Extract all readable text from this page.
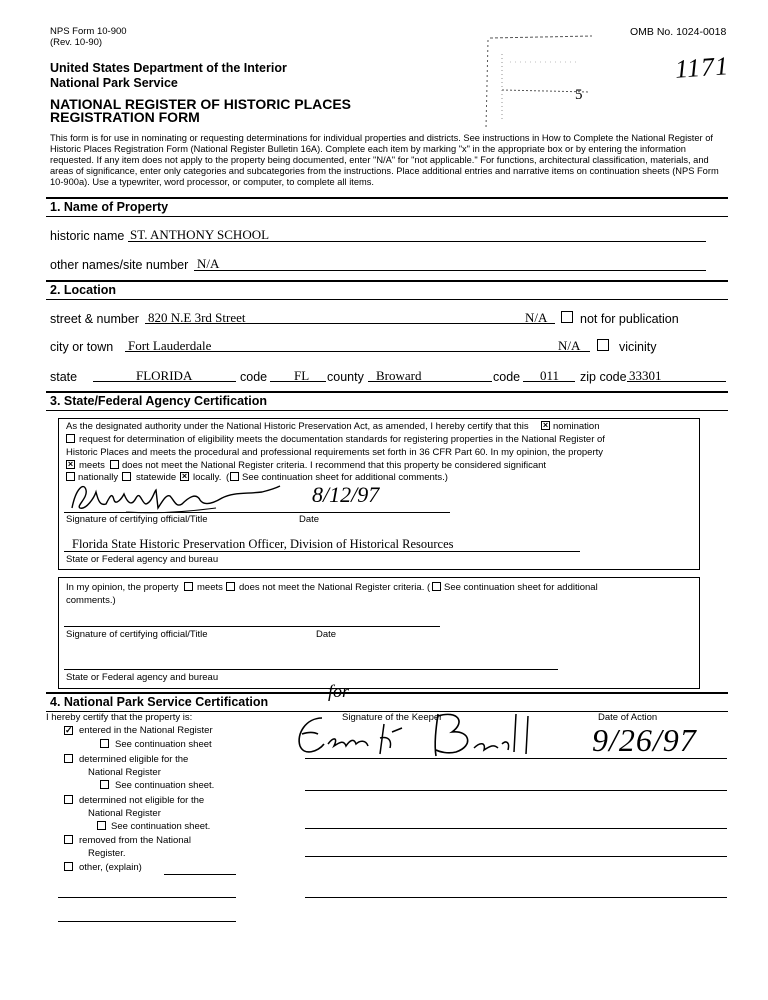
NPS Form 10-900
(Rev. 10-90)
OMB No. 1024-0018
United States Department of the Interior
National Park Service
NATIONAL REGISTER OF HISTORIC PLACES
REGISTRATION FORM
5
1171
This form is for use in nominating or requesting determinations for individual properties and districts. See instructions in How to Complete the National Register of Historic Places Registration Form (National Register Bulletin 16A). Complete each item by marking "x" in the appropriate box or by entering the information requested. If any item does not apply to the property being documented, enter "N/A" for "not applicable." For functions, architectural classification, materials, and areas of significance, enter only categories and subcategories from the instructions. Place additional entries and narrative items on continuation sheets (NPS Form 10-900a). Use a typewriter, word processor, or computer, to complete all items.
1. Name of Property
historic name ST. ANTHONY SCHOOL
other names/site number N/A
2. Location
street & number 820 N.E 3rd Street	N/A	not for publication
city or town Fort Lauderdale	N/A	vicinity
state	FLORIDA	code FL county Broward	code 011 zip code 33301
3. State/Federal Agency Certification
As the designated authority under the National Historic Preservation Act, as amended, I hereby certify that this × nomination
request for determination of eligibility meets the documentation standards for registering properties in the National Register of
Historic Places and meets the procedural and professional requirements set forth in 36 CFR Part 60. In my opinion, the property
× meets does not meet the National Register criteria. I recommend that this property be considered significant
nationally statewide × locally. ( See continuation sheet for additional comments.)
8/12/97
Signature of certifying official/Title	Date
Florida State Historic Preservation Officer, Division of Historical Resources
State or Federal agency and bureau
In my opinion, the property meets does not meet the National Register criteria. ( See continuation sheet for additional
comments.)
Signature of certifying official/Title	Date
State or Federal agency and bureau
4. National Park Service Certification
I hereby certify that the property is:
✓ entered in the National Register
See continuation sheet
determined eligible for the
National Register
See continuation sheet.
determined not eligible for the
National Register
See continuation sheet.
removed from the National
Register.
other, (explain)
Signature of the Keeper	Date of Action
for
9/26/97
